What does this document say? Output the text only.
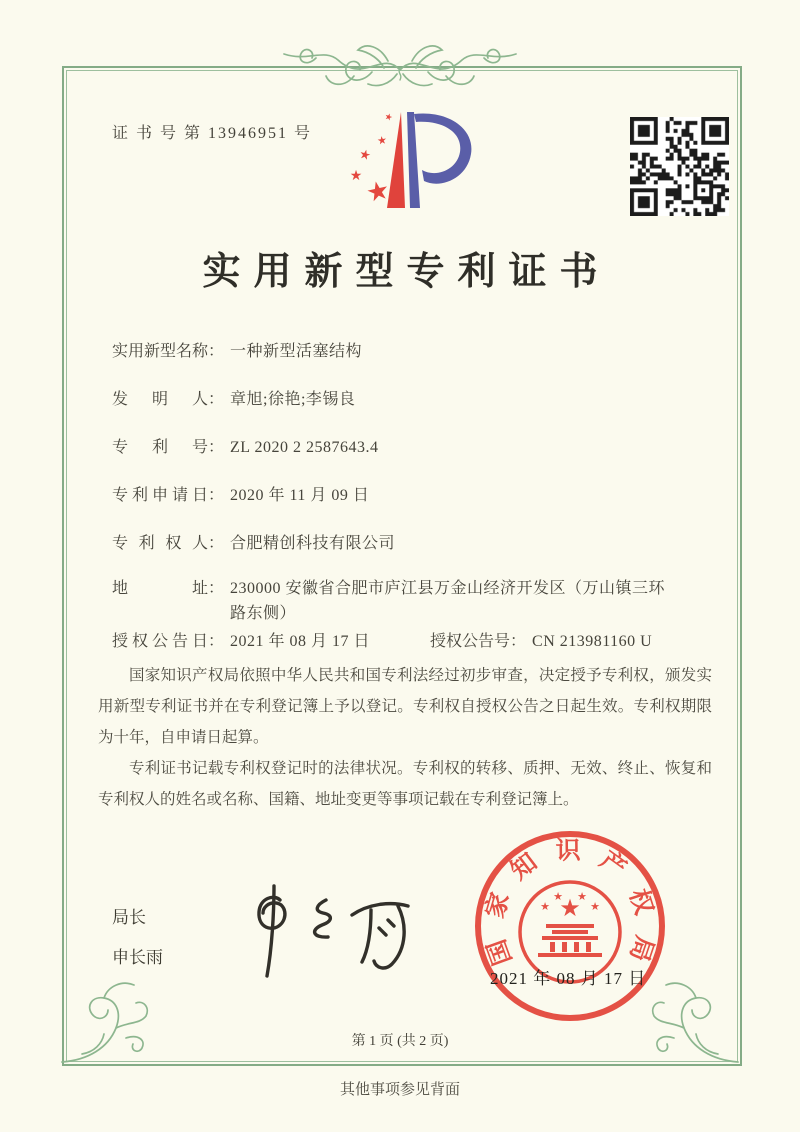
证 书 号 第 13946951 号
★
★
★
★
★
实用新型专利证书
实用新型名称： 一种新型活塞结构
发明人： 章旭;徐艳;李锡良
专利号： ZL 2020 2 2587643.4
专利申请日： 2020 年 11 月 09 日
专利权人： 合肥精创科技有限公司
地址： 230000 安徽省合肥市庐江县万金山经济开发区（万山镇三环路东侧）
授权公告日： 2021 年 08 月 17 日	授权公告号： CN 213981160 U

国家知识产权局依照中华人民共和国专利法经过初步审查，决定授予专利权，颁发实用新型专利证书并在专利登记簿上予以登记。专利权自授权公告之日起生效。专利权期限为十年，自申请日起算。

专利证书记载专利权登记时的法律状况。专利权的转移、质押、无效、终止、恢复和专利权人的姓名或名称、国籍、地址变更等事项记载在专利登记簿上。

局长
申长雨	国家知识产权局
★
★
★ ★
★
2021 年 08 月 17 日
第 1 页 (共 2 页)
其他事项参见背面
